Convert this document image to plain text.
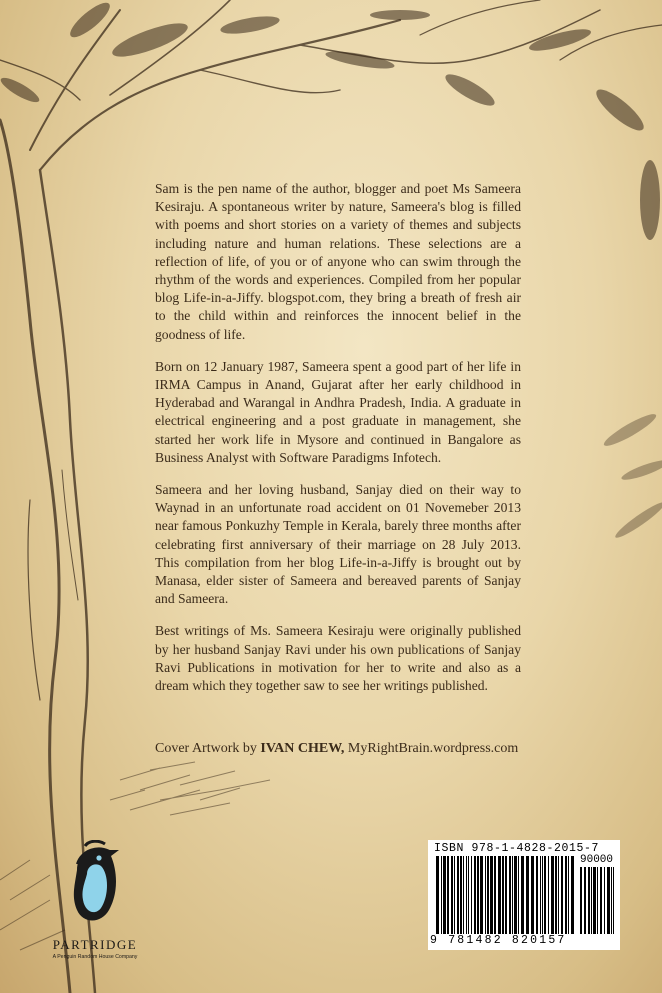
Sam is the pen name of the author, blogger and poet Ms Sameera Kesiraju. A spontaneous writer by nature, Sameera's blog is filled with poems and short stories on a variety of themes and subjects including nature and human relations. These selections are a reflection of life, of you or of anyone who can swim through the rhythm of the words and experiences. Compiled from her popular blog Life-in-a-Jiffy. blogspot.com, they bring a breath of fresh air to the child within and reinforces the innocent belief in the goodness of life.

Born on 12 January 1987, Sameera spent a good part of her life in IRMA Campus in Anand, Gujarat after her early childhood in Hyderabad and Warangal in Andhra Pradesh, India. A graduate in electrical engineering and a post graduate in management, she started her work life in Mysore and continued in Bangalore as Business Analyst with Software Paradigms Infotech.

Sameera and her loving husband, Sanjay died on their way to Waynad in an unfortunate road accident on 01 Novemeber 2013 near famous Ponkuzhy Temple in Kerala, barely three months after celebrating first anniversary of their marriage on 28 July 2013. This compilation from her blog Life-in-a-Jiffy is brought out by Manasa, elder sister of Sameera and bereaved parents of Sanjay and Sameera.

Best writings of Ms. Sameera Kesiraju were originally published by her husband Sanjay Ravi under his own publications of Sanjay Ravi Publications in motivation for her to write and also as a dream which they together saw to see her writings published.

Cover Artwork by IVAN CHEW, MyRightBrain.wordpress.com
PARTRIDGE
A Penguin Random House Company
ISBN 978-1-4828-2015-7
90000
9 781482 820157
